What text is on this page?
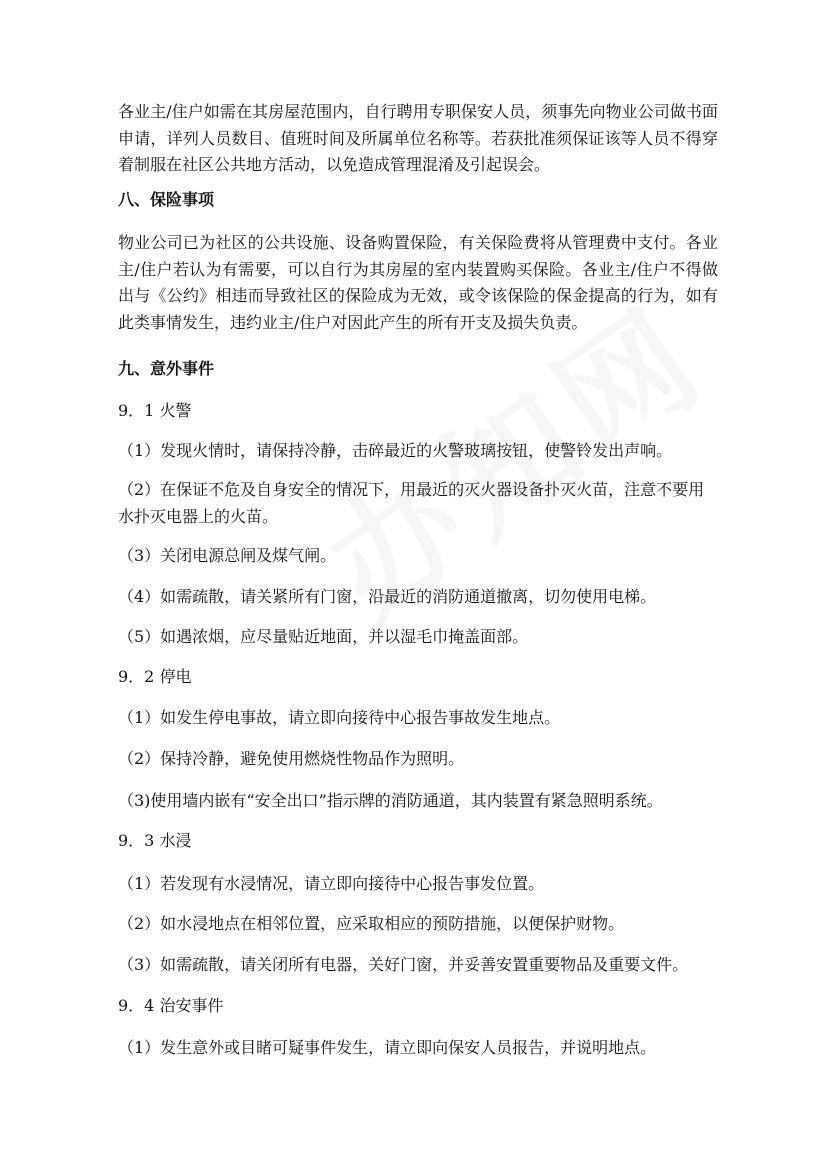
各业主/住户如需在其房屋范围内，自行聘用专职保安人员，须事先向物业公司做书面申请，详列人员数目、值班时间及所属单位名称等。若获批准须保证该等人员不得穿着制服在社区公共地方活动，以免造成管理混淆及引起误会。

八、保险事项

物业公司已为社区的公共设施、设备购置保险，有关保险费将从管理费中支付。各业主/住户若认为有需要，可以自行为其房屋的室内装置购买保险。各业主/住户不得做出与《公约》相违而导致社区的保险成为无效，或令该保险的保金提高的行为，如有此类事情发生，违约业主/住户对因此产生的所有开支及损失负责。

九、意外事件
9．1 火警
（1）发现火情时，请保持冷静，击碎最近的火警玻璃按钮，使警铃发出声响。
（2）在保证不危及自身安全的情况下，用最近的灭火器设备扑灭火苗，注意不要用水扑灭电器上的火苗。
（3）关闭电源总闸及煤气闸。
（4）如需疏散，请关紧所有门窗，沿最近的消防通道撤离，切勿使用电梯。
（5）如遇浓烟，应尽量贴近地面，并以湿毛巾掩盖面部。
9．2 停电
（1）如发生停电事故，请立即向接待中心报告事故发生地点。
（2）保持冷静，避免使用燃烧性物品作为照明。
（3)使用墙内嵌有“安全出口”指示牌的消防通道，其内装置有紧急照明系统。
9．3 水浸
（1）若发现有水浸情况，请立即向接待中心报告事发位置。
（2）如水浸地点在相邻位置，应采取相应的预防措施，以便保护财物。
（3）如需疏散，请关闭所有电器，关好门窗，并妥善安置重要物品及重要文件。
9．4 治安事件
（1）发生意外或目睹可疑事件发生，请立即向保安人员报告，并说明地点。
